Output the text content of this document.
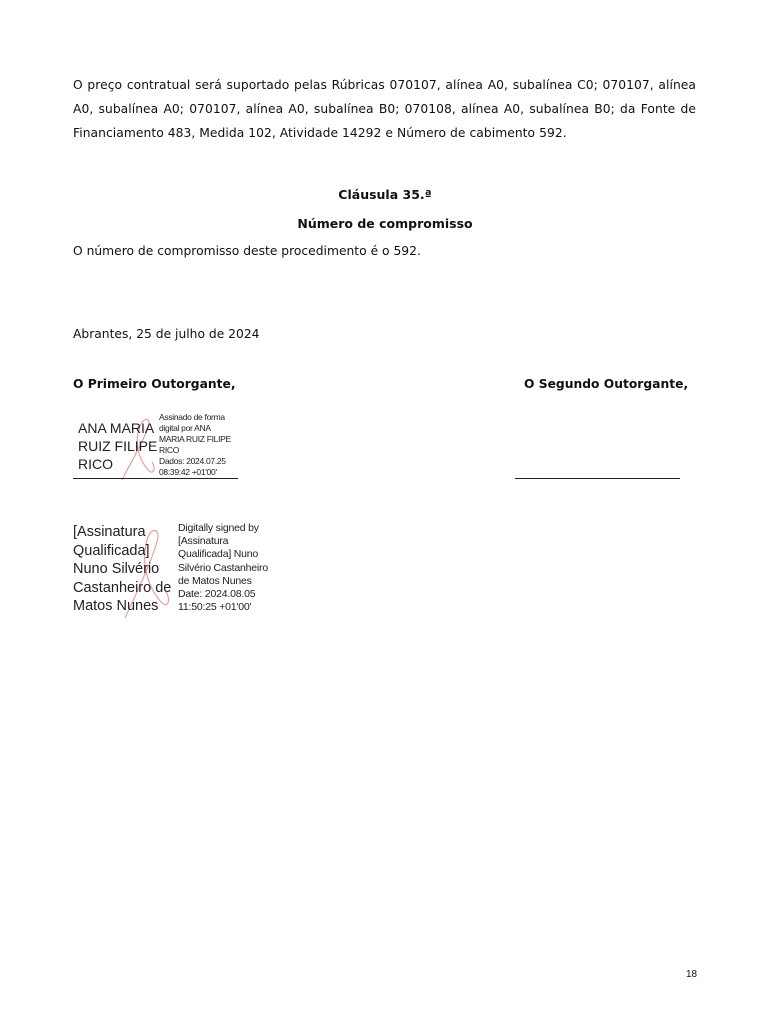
O preço contratual será suportado pelas Rúbricas 070107, alínea A0, subalínea C0; 070107, alínea A0, subalínea A0; 070107, alínea A0, subalínea B0; 070108, alínea A0, subalínea B0; da Fonte de Financiamento 483, Medida 102, Atividade 14292 e Número de cabimento 592.
Cláusula 35.ª
Número de compromisso
O número de compromisso deste procedimento é o 592.
Abrantes, 25 de julho de 2024
O Primeiro Outorgante,	O Segundo Outorgante,
ANA MARIA
RUIZ FILIPE
RICO
Assinado de forma
digital por ANA
MARIA RUIZ FILIPE
RICO
Dados: 2024.07.25
08:39:42 +01'00'
[Assinatura
Qualificada]
Nuno Silvério
Castanheiro de
Matos Nunes
Digitally signed by
[Assinatura
Qualificada] Nuno
Silvério Castanheiro
de Matos Nunes
Date: 2024.08.05
11:50:25 +01'00'
18
